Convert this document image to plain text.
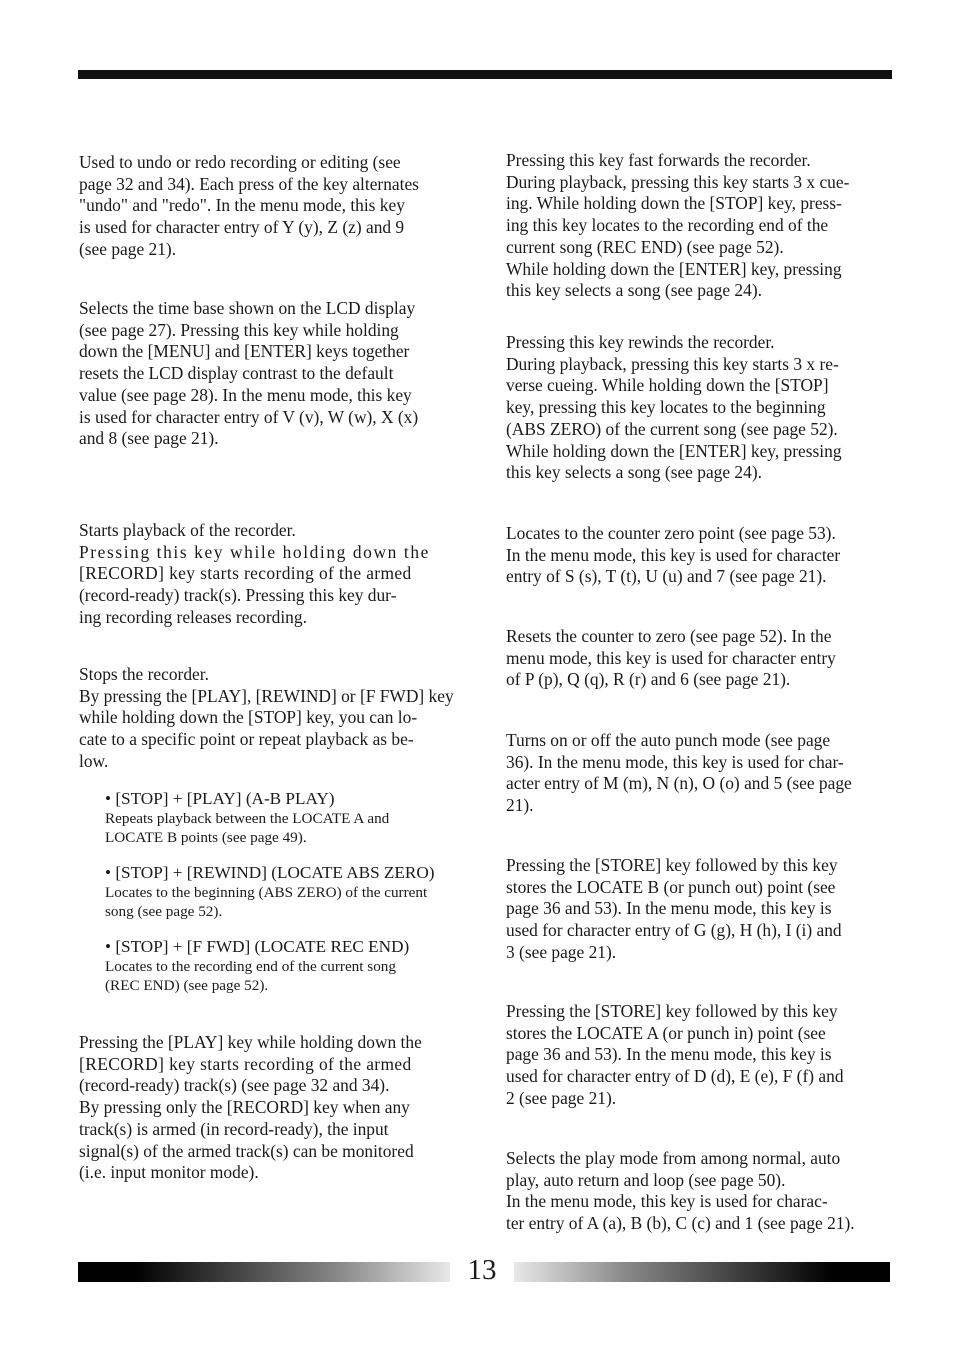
Used to undo or redo recording or editing (see

page 32 and 34). Each press of the key alternates

"undo" and "redo". In the menu mode, this key

is used for character entry of Y (y), Z (z) and 9

(see page 21).

Selects the time base shown on the LCD display

(see page 27). Pressing this key while holding

down the [MENU] and [ENTER] keys together

resets the LCD display contrast to the default

value (see page 28). In the menu mode, this key

is used for character entry of V (v), W (w), X (x)

and 8 (see page 21).

Starts playback of the recorder.

Pressing this key while holding down the

[RECORD] key starts recording of the armed

(record-ready) track(s). Pressing this key dur-

ing recording releases recording.

Stops the recorder.

By pressing the [PLAY], [REWIND] or [F FWD] key

while holding down the [STOP] key, you can lo-

cate to a specific point or repeat playback as be-

low.

• [STOP] + [PLAY] (A-B PLAY)
Repeats playback between the LOCATE A and
LOCATE B points (see page 49).
• [STOP] + [REWIND] (LOCATE ABS ZERO)
Locates to the beginning (ABS ZERO) of the current
song (see page 52).
• [STOP] + [F FWD] (LOCATE REC END)
Locates to the recording end of the current song
(REC END) (see page 52).

Pressing the [PLAY] key while holding down the

[RECORD] key starts recording of the armed

(record-ready) track(s) (see page 32 and 34).

By pressing only the [RECORD] key when any

track(s) is armed (in record-ready), the input

signal(s) of the armed track(s) can be monitored

(i.e. input monitor mode).

Pressing this key fast forwards the recorder.

During playback, pressing this key starts 3 x cue-

ing. While holding down the [STOP] key, press-

ing this key locates to the recording end of the

current song (REC END) (see page 52).

While holding down the [ENTER] key, pressing

this key selects a song (see page 24).

Pressing this key rewinds the recorder.

During playback, pressing this key starts 3 x re-

verse cueing. While holding down the [STOP]

key, pressing this key locates to the beginning

(ABS ZERO) of the current song (see page 52).

While holding down the [ENTER] key, pressing

this key selects a song (see page 24).

Locates to the counter zero point (see page 53).

In the menu mode, this key is used for character

entry of S (s), T (t), U (u) and 7 (see page 21).

Resets the counter to zero (see page 52). In the

menu mode, this key is used for character entry

of P (p), Q (q), R (r) and 6 (see page 21).

Turns on or off the auto punch mode (see page

36). In the menu mode, this key is used for char-

acter entry of M (m), N (n), O (o) and 5 (see page

21).

Pressing the [STORE] key followed by this key

stores the LOCATE B (or punch out) point (see

page 36 and 53). In the menu mode, this key is

used for character entry of G (g), H (h), I (i) and

3 (see page 21).

Pressing the [STORE] key followed by this key

stores the LOCATE A (or punch in) point (see

page 36 and 53). In the menu mode, this key is

used for character entry of D (d), E (e), F (f) and

2 (see page 21).

Selects the play mode from among normal, auto

play, auto return and loop (see page 50).

In the menu mode, this key is used for charac-

ter entry of A (a), B (b), C (c) and 1 (see page 21).

13
